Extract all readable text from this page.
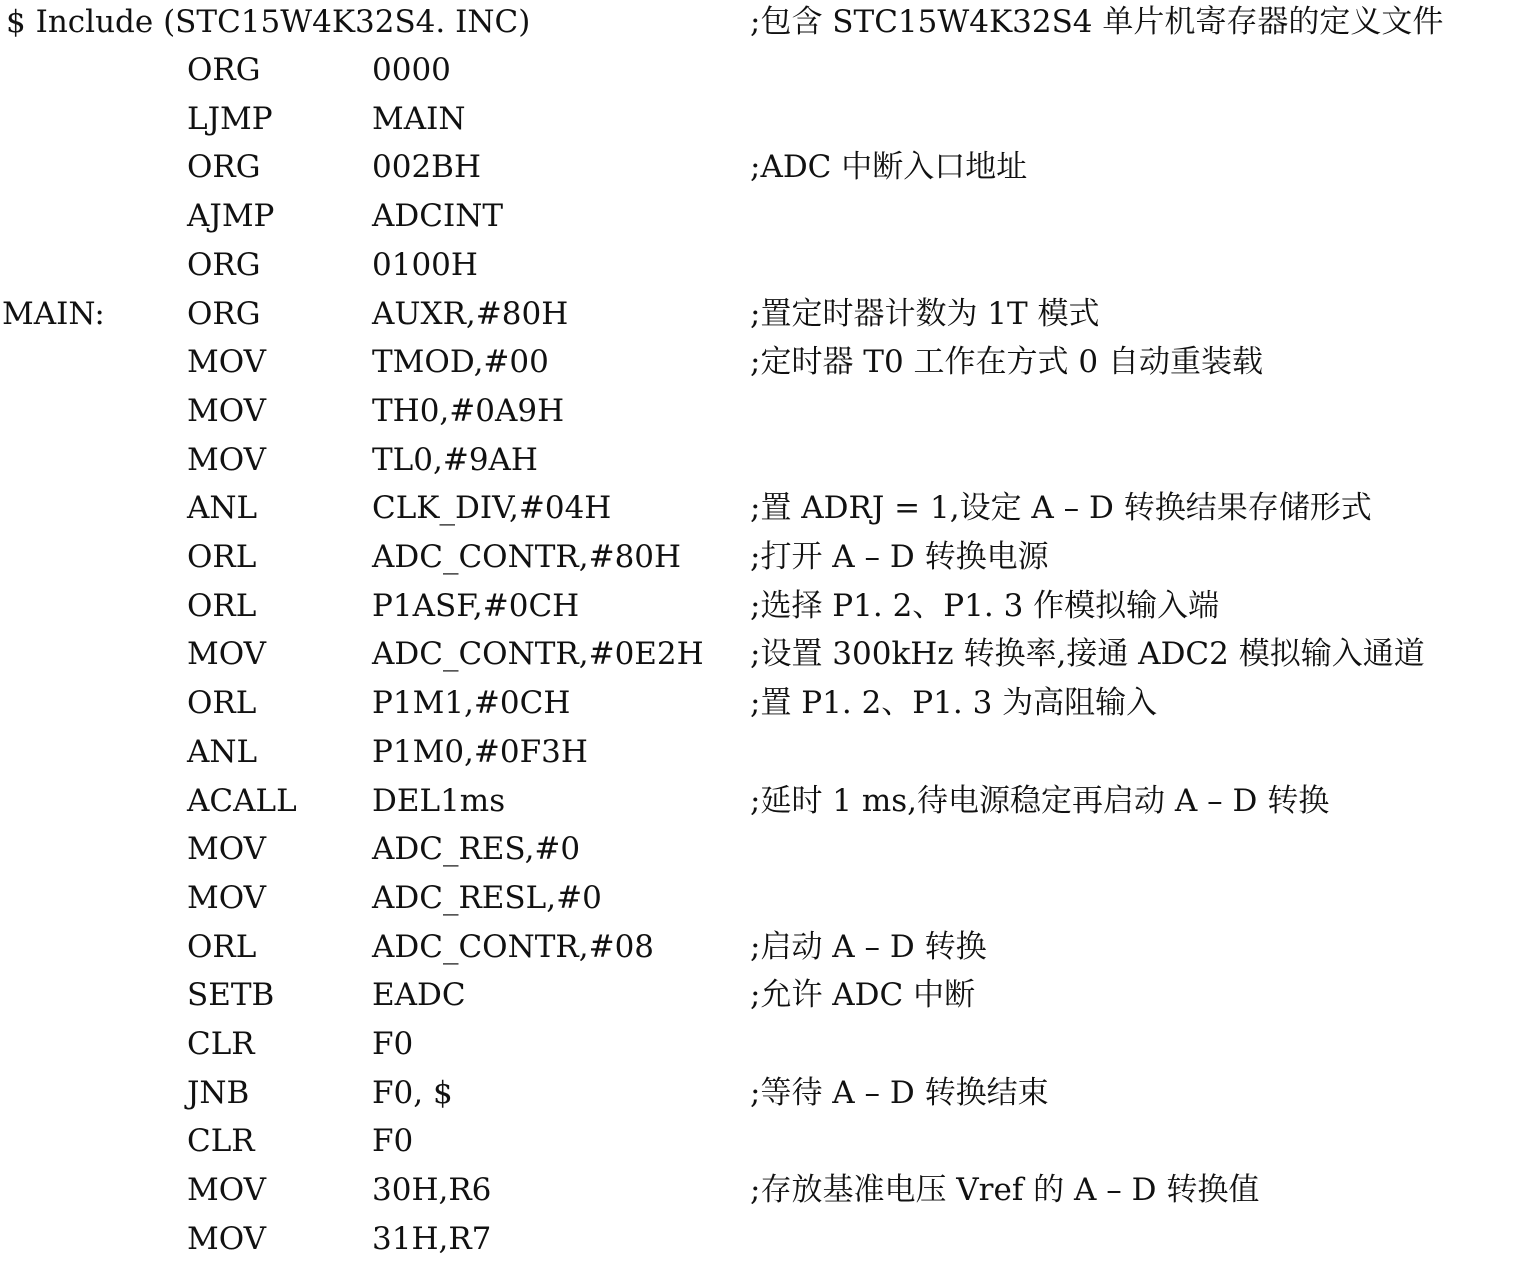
$ Include (STC15W4K32S4. INC)	;包含 STC15W4K32S4 单片机寄存器的定义文件
ORG	0000
LJMP	MAIN
ORG	002BH	;ADC 中断入口地址
AJMP	ADCINT
ORG	0100H
MAIN:	ORG	AUXR,#80H	;置定时器计数为 1T 模式
MOV	TMOD,#00	;定时器 T0 工作在方式 0 自动重装载
MOV	TH0,#0A9H
MOV	TL0,#9AH
ANL	CLK_DIV,#04H	;置 ADRJ = 1,设定 A – D 转换结果存储形式
ORL	ADC_CONTR,#80H ;打开 A – D 转换电源
ORL	P1ASF,#0CH	;选择 P1. 2、P1. 3 作模拟输入端
MOV	ADC_CONTR,#0E2H ;设置 300kHz 转换率,接通 ADC2 模拟输入通道
ORL	P1M1,#0CH	;置 P1. 2、P1. 3 为高阻输入
ANL	P1M0,#0F3H
ACALL DEL1ms	;延时 1 ms,待电源稳定再启动 A – D 转换
MOV	ADC_RES,#0
MOV	ADC_RESL,#0
ORL	ADC_CONTR,#08	;启动 A – D 转换
SETB	EADC	;允许 ADC 中断
CLR	F0
JNB	F0, $	;等待 A – D 转换结束
CLR	F0
MOV	30H,R6	;存放基准电压 Vref 的 A – D 转换值
MOV	31H,R7
